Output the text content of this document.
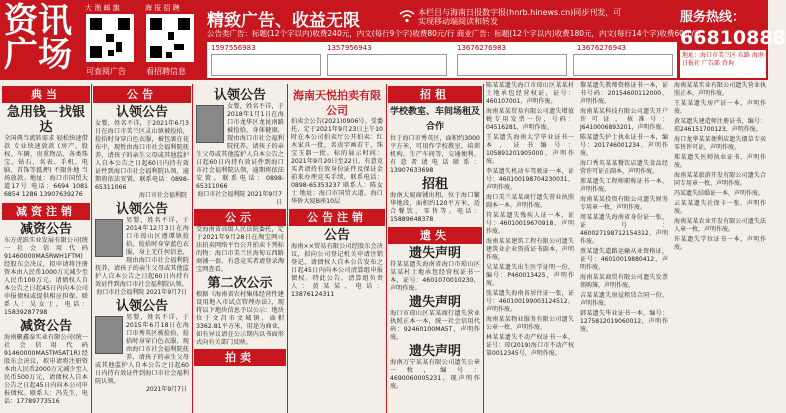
资讯广场
大 渔 邮 旗
可查阅广告
海 报 招 聘
看招聘信息
精致广告、收益无限	本栏目与海南日报数字报(hnrb.hinews.cn)同步刊发，可实现移动端阅读和转发
公告类广告：标题(12个字以内)收费240元，内文(每行9个字)收费80元/行 商业广告：标题(12个字以内)收费180元，内文(每行14个字)收费60元/行
服务热线：
66810888
1597556983	1357956943	13676276983	13676276943

地址：海口市美兰区 东路 海南日报社 广告部 咨询
典当
急用钱－找银达
全国典当流转需求 轻松快速借款 专业快速放款 (房产、股权、车辆、贵重物品、各类珠宝、钻石、名表、手机、电脑、首饰等抵押) 不限外地 当场放款。地址：海口市国贸大道17号 电话：6694 1081 6854 1286 13907639276
减资注销
减资公告
东方虎跃实业发展有限公司(统一社会信用代码91460000MA5RWH1FTM)经股东会决议，拟申请将注册资本由人民币1000万元减少至人民币100万元。请债权人自本公告之日起45日内向本公司申报债权或提供相应担保。联系人：吴女士，电话：15839287798
减资公告
海南聚鑫泰实业有限公司(统一社会信用代码91460000MA5TM5AT1R)经股东会决议，拟申请将注册资本由人民币2000万元减少至人民币500万元，请债权人自本公告之日起45日内向本公司申报债权。联系人：冯先生，电话：17789773516
公告
认领公告
女婴，姓名不详，于2021年6月3日在海口市美兰区灵山镇被捡拾，捡拾时身穿白色衣服，被包裹在花布中，现暂由海口市社会福利院抚养，请孩子的亲生父母或其他监护人自本公告之日起60日内持有效证件到海口市社会福利院认领，逾期将依法安置。联系电话：0898-65311066
海口市社会福利院
认领公告
男婴，姓名不详，于2014年12月3日在海口市琼山区遵谭镇捡拾，捡拾时身穿蓝色衣服，身上无任何信息，现由海口市社会福利院抚养，请孩子的亲生父母或其他监护人自本公告之日起60日内持有效证件到海口市社会福利院认领。
海口市社会福利院 2021年9月7日
认领公告
男婴，姓名不详，于2015年6月18日在海口市秀英区被捡拾，捡拾时身穿白色衣服，现由海口市社会福利院抚养，请孩子的亲生父母或其他监护人自本公告之日起60日内持有效证件到海口市社会福利院认领。
2021年9月7日
认领公告
女婴，姓名不详，于2018年1月1日在海口市龙华区龙昆南路被捡拾，身体健康，现由海口市社会福利院抚养，请孩子的亲生父母或其他监护人自本公告之日起60日内持有效证件到海口市社会福利院认领，逾期将依法安置。联系电话：0898-65311066
海口市社会福利院 2021年9月7日
公示
受海南省高级人民法院委托，定于2021年9月28日在淘宝网司法拍卖网络平台公开拍卖下列标的物：海口市美兰区海甸五西路商铺一套。有意竞买者请登录淘宝网查看。
第二次公示
根据《海南省农村集体经营性建设用地入市试点管理办法》，现将以下地块信息予以公示：地块位于文昌市文城镇，面积3362.81平方米，用途为商业，如有异议请在公示期内以书面形式向有关部门反映。
拍卖
海南天悦拍卖有限公司
拍卖会公告(2021)0906号。受委托，定于2021年9月23日上午10时在本公司拍卖厅公开拍卖：红木家具一批，名贵字画若干，珠宝玉器一批。标的展示时间：2021年9月20日至22日。有意竞买者请持有效身份证件及保证金前来办理竞买手续。联系电话：0898-65353237 联系人：陈女士 地址：海口市国贸大道，海口华侨大厦B座10层
公告注销
公告
海南××贸易有限公司经股东会决议，拟向公司登记机关申请注销登记，请债权人自本公告发布之日起45日内向本公司清算组申报债权。特此公告。清算组负责人：黄某某，电话：13876124311
招租
学校教室、车间场租及合作
位于海口市秀英区，面积约3000平方米，可用作学校教室、培训机构、生产车间等，交通便利。有意者请电话联系：13907633698
招租
海南大厦商铺出租，位于海口繁华地段，面积约120平方米，适合餐饮、零售等。电话：15889648378
遗失
遗失声明
符某某遗失海南省海口市琼山区某某村土地承包经营权证书一本，证号：4601070010230，声明作废。
遗失声明
海口市琼山区某某商行遗失营业执照正本一本，统一社会信用代码：92460100MA5T，声明作废。
遗失声明
海南万宁某某有限公司遗失公章一枚，编号：4690060005231，现声明作废。

陈某某遗失海口市琼山区某某村土地承包经营权证，证号：460107001，声明作废。

海南某某贸易有限公司遗失增值税专用发票一份，号码：04516281，声明作废。

王某遗失海南大学毕业证书一本，证书编号：105891201905000，声明作废。

李某遗失机动车驾驶证一本，证号：460100198704230031，声明作废。

海口美兰某某商行遗失营业执照副本一本，声明作废。

符某某遗失残疾人证一本，证号：46010019670918，声明作废。

海南某某建筑工程有限公司遗失建筑业企业资质证书副本，声明作废。

吴某某遗失出生医学证明一份，编号：P460013425，声明作废。

张某遗失海南省居住证一张，证号：460100199003124512，声明作废。

海南某某物业服务有限公司遗失公章一枚，声明作废。

林某某遗失不动产权证书一本，证号：琼(2019)海口市不动产权第0012345号，声明作废。

黎某遗失教师资格证书一本，证书号码：20154600112000，声明作废。

海南某某科技有限公司遗失开户许可证，核准号：J6410006893201，声明作废。

陈某遗失护士执业证书一本，编号：201746001234，声明作废。

海口秀英某某餐饮店遗失食品经营许可证正副本，声明作废。

邢某遗失工程师职称证书一本，声明作废。

海南某某投资有限公司遗失财务专用章一枚，声明作废。

周某某遗失海南省身份证一张，证号：460027198712154312，声明作废。

蔡某遗失道路运输从业资格证，证号：46010019880412，声明作废。

海南某某商贸有限公司遗失发票领购簿，声明作废。

吉某某遗失房屋租赁合同一份，声明作废。

韩某遗失毕业证书一本，编号：1275812019060012，声明作废。

海南某某实业有限公司遗失营业执照正本，声明作废。

王某某遗失房产证一本，声明作废。

黄某遗失建造师注册证书，编号：琼246151700123，声明作废。

海口龙华某某便利店遗失烟草专卖零售许可证，声明作废。

郑某遗失医师执业证书，声明作废。

海南某某旅游开发有限公司遗失合同专用章一枚，声明作废。

冯某遗失结婚证一本，声明作废。

云某某遗失社保卡一张，声明作废。

海南某某农业开发有限公司遗失法人章一枚，声明作废。

许某遗失学位证书一本，声明作废。
